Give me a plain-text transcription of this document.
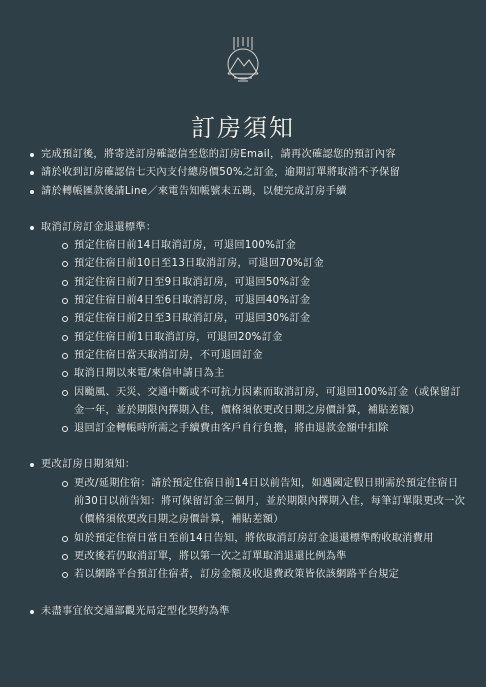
訂房須知
完成預訂後，將寄送訂房確認信至您的訂房Email，請再次確認您的預訂內容
請於收到訂房確認信七天內支付總房價50%之訂金，逾期訂單將取消不予保留
請於轉帳匯款後請Line／來電告知帳號末五碼，以便完成訂房手續
取消訂房訂金退還標準：
預定住宿日前14日取消訂房，可退回100%訂金
預定住宿日前10日至13日取消訂房，可退回70%訂金
預定住宿日前7日至9日取消訂房，可退回50%訂金
預定住宿日前4日至6日取消訂房，可退回40%訂金
預定住宿日前2日至3日取消訂房，可退回30%訂金
預定住宿日前1日取消訂房，可退回20%訂金
預定住宿日當天取消訂房，不可退回訂金
取消日期以來電/來信申請日為主
因颱風、天災、交通中斷或不可抗力因素而取消訂房，可退回100%訂金（或保留訂金一年，並於期限內擇期入住，價格須依更改日期之房價計算，補貼差額）
退回訂金轉帳時所需之手續費由客戶自行負擔，將由退款金額中扣除
更改訂房日期須知：
更改/延期住宿：請於預定住宿日前14日以前告知，如遇國定假日則需於預定住宿日前30日以前告知：將可保留訂金三個月，並於期限內擇期入住，每筆訂單限更改一次（價格須依更改日期之房價計算，補貼差額）
如於預定住宿日當日至前14日告知，將依取消訂房訂金退還標準酌收取消費用
更改後若仍取消訂單，將以第一次之訂單取消退還比例為準
若以網路平台預訂住宿者，訂房金額及收退費政策皆依該網路平台規定
未盡事宜依交通部觀光局定型化契約為準
